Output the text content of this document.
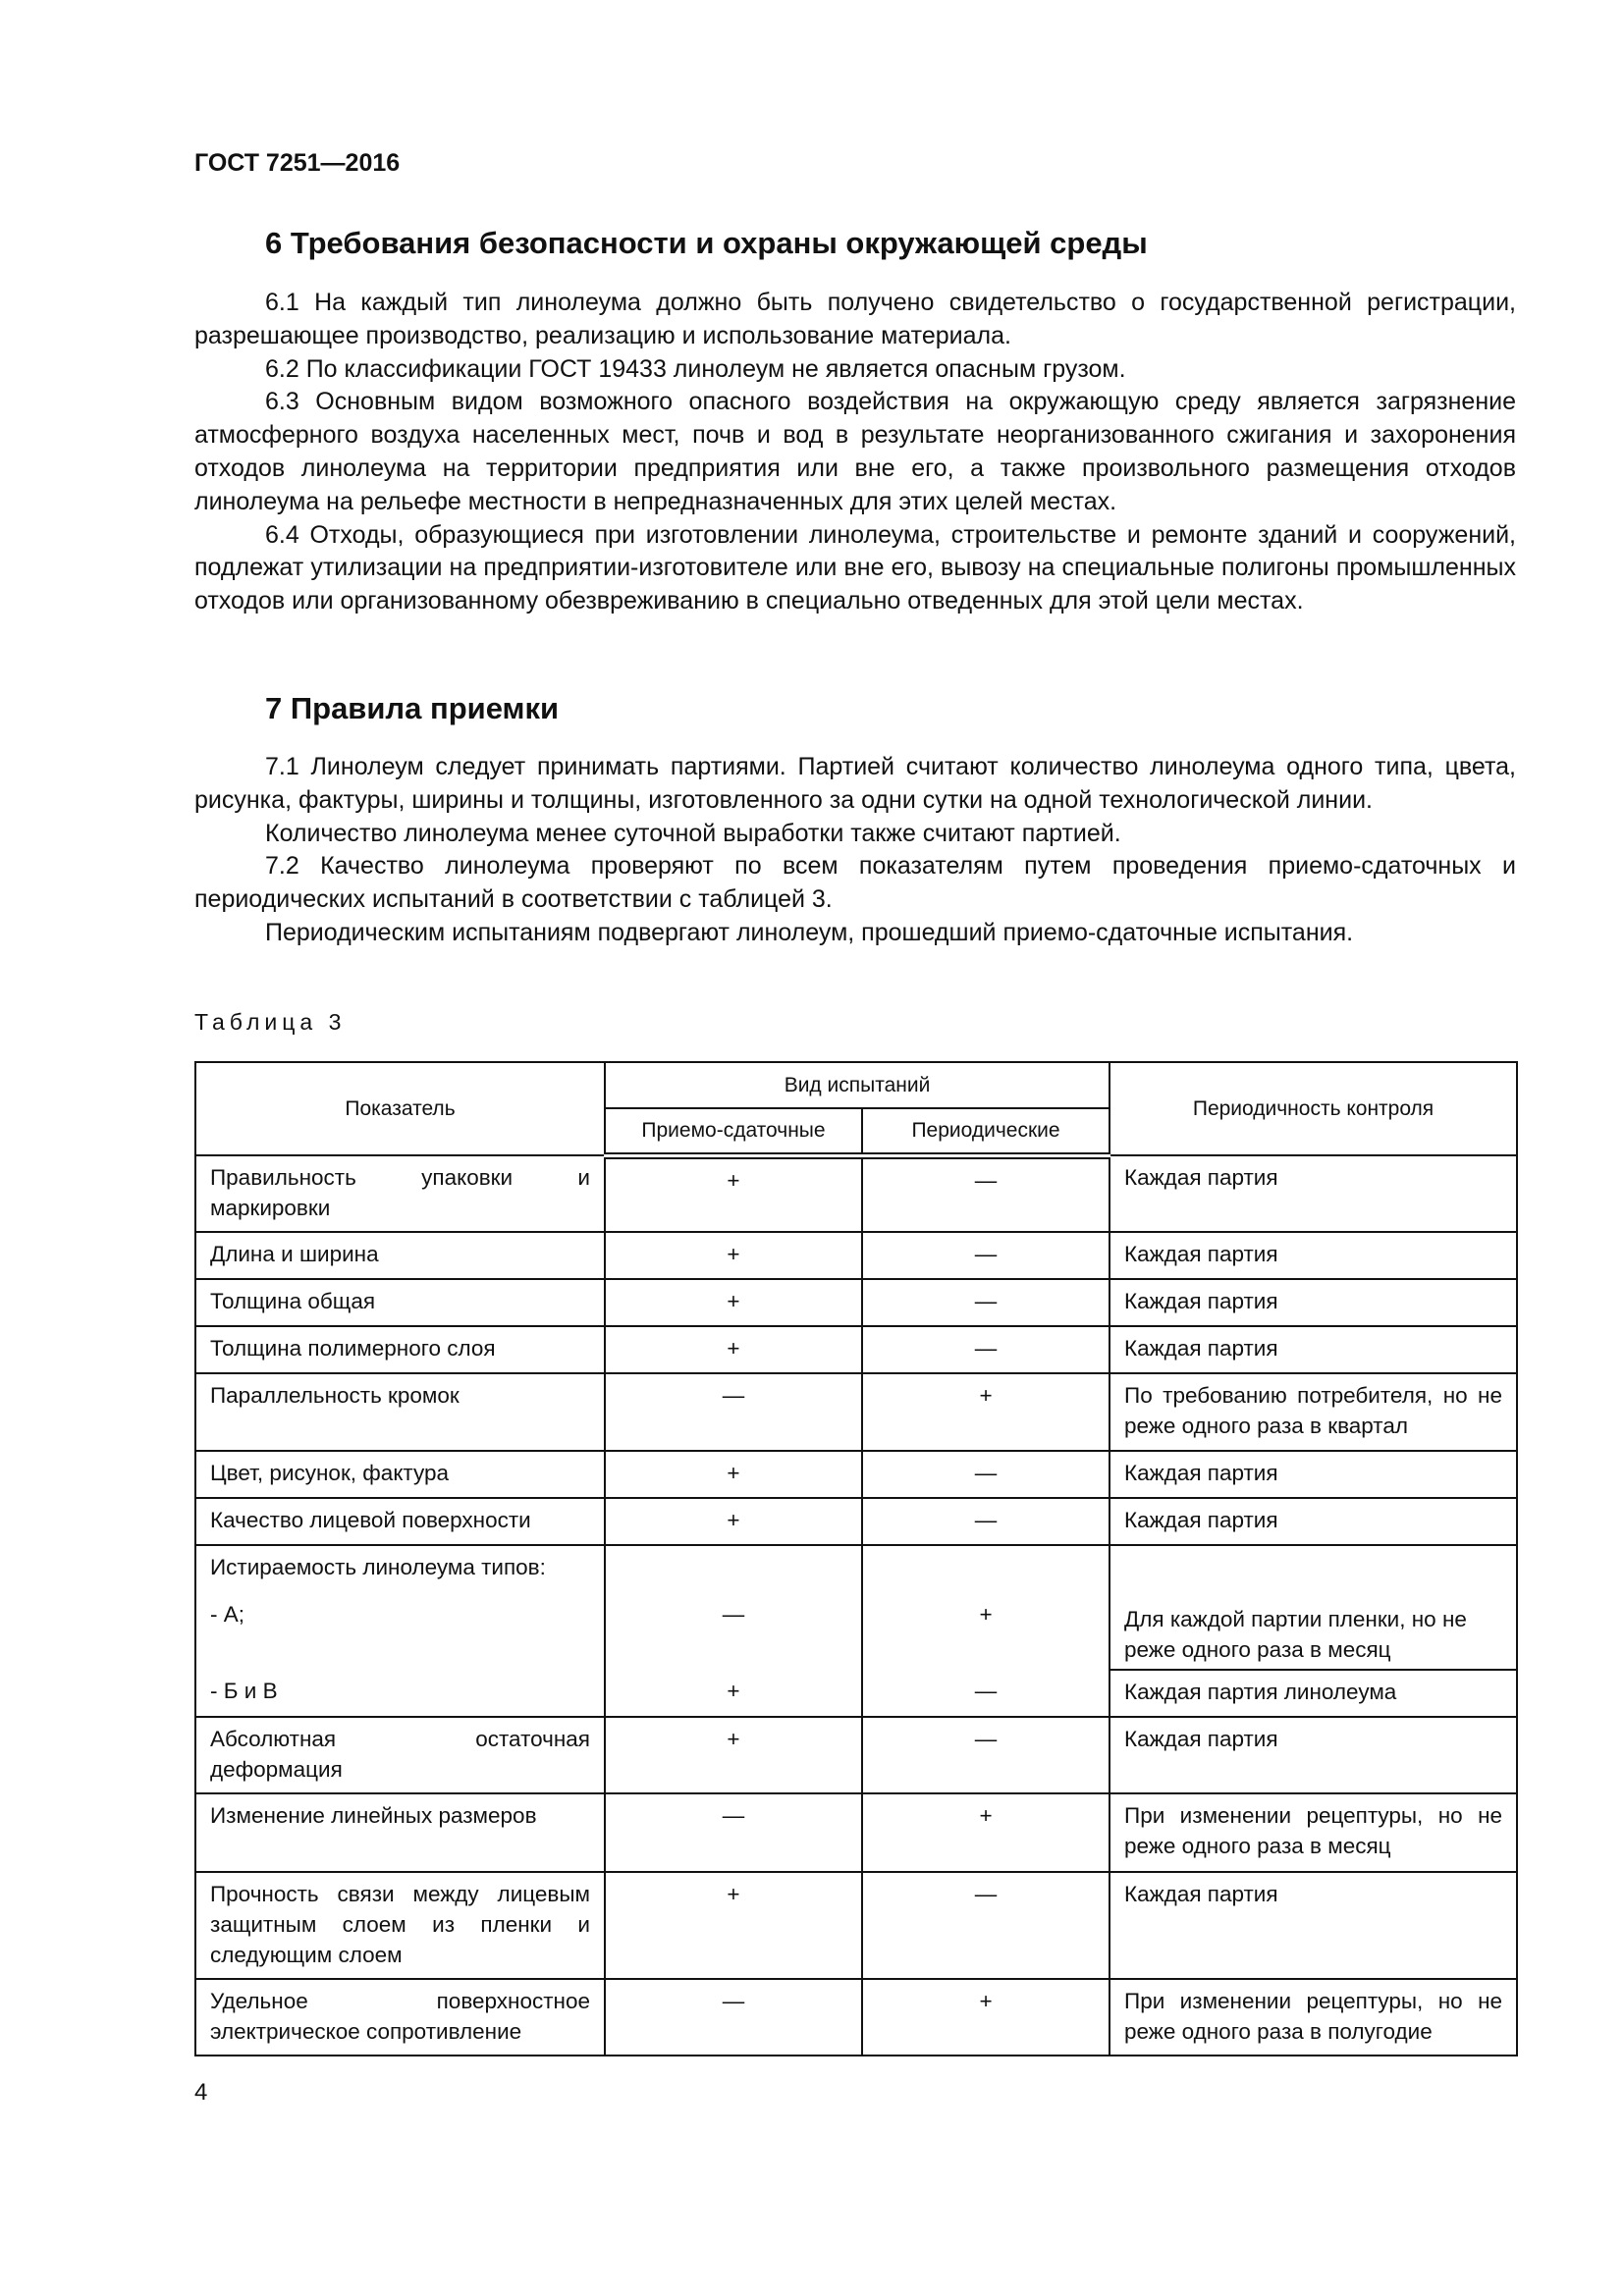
ГОСТ 7251—2016
6 Требования безопасности и охраны окружающей среды

6.1 На каждый тип линолеума должно быть получено свидетельство о государственной регистрации, разрешающее производство, реализацию и использование материала.

6.2 По классификации ГОСТ 19433 линолеум не является опасным грузом.

6.3 Основным видом возможного опасного воздействия на окружающую среду является загрязнение атмосферного воздуха населенных мест, почв и вод в результате неорганизованного сжигания и захоронения отходов линолеума на территории предприятия или вне его, а также произвольного размещения отходов линолеума на рельефе местности в непредназначенных для этих целей местах.

6.4 Отходы, образующиеся при изготовлении линолеума, строительстве и ремонте зданий и сооружений, подлежат утилизации на предприятии-изготовителе или вне его, вывозу на специальные полигоны промышленных отходов или организованному обезвреживанию в специально отведенных для этой цели местах.

7 Правила приемки

7.1 Линолеум следует принимать партиями. Партией считают количество линолеума одного типа, цвета, рисунка, фактуры, ширины и толщины, изготовленного за одни сутки на одной технологической линии.

Количество линолеума менее суточной выработки также считают партией.

7.2 Качество линолеума проверяют по всем показателям путем проведения приемо-сдаточных и периодических испытаний в соответствии с таблицей 3.

Периодическим испытаниям подвергают линолеум, прошедший приемо-сдаточные испытания.

Таблица 3
Показатель	Вид испытаний		Периодичность контроля
	Приемо-сдаточные	Периодические	
Правильность упаковки и маркировки	+	—	Каждая партия
Длина и ширина	+	—	Каждая партия
Толщина общая	+	—	Каждая партия
Толщина полимерного слоя	+	—	Каждая партия
Параллельность кромок	—	+	По требованию потребителя, но не реже одного раза в квартал
Цвет, рисунок, фактура	+	—	Каждая партия
Качество лицевой поверхности	+	—	Каждая партия

Истираемость линолеума типов:
- А;	—	+	Для каждой партии пленки, но не реже одного раза в месяц
- Б и В	+	—	Каждая партия линолеума
Абсолютная остаточная деформация	+	—	Каждая партия
Изменение линейных размеров	—	+	При изменении рецептуры, но не реже одного раза в месяц
Прочность связи между лицевым защитным слоем из пленки и следующим слоем	+	—	Каждая партия
Удельное поверхностное электрическое сопротивление	—	+	При изменении рецептуры, но не реже одного раза в полугодие
4
